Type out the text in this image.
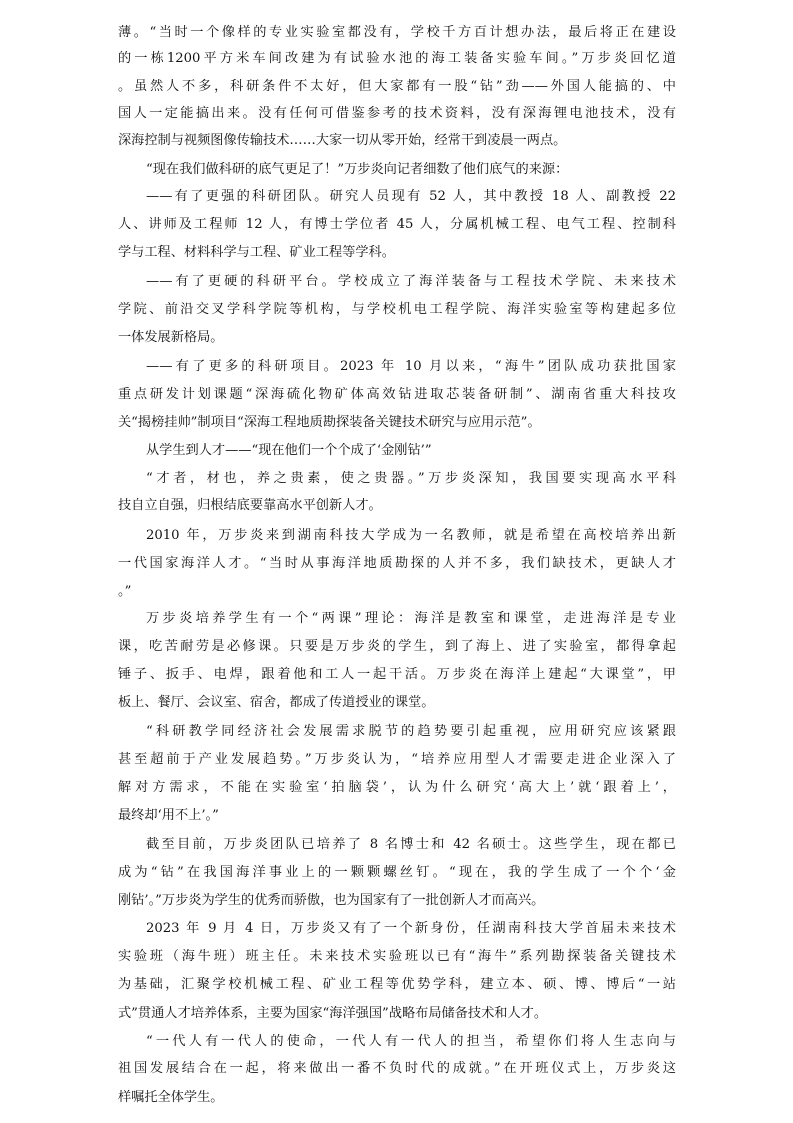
薄。“当时一个像样的专业实验室都没有，学校千方百计想办法，最后将正在建设
的一栋1200平方米车间改建为有试验水池的海工装备实验车间。”万步炎回忆道
。虽然人不多，科研条件不太好，但大家都有一股“钻”劲——外国人能搞的、中
国人一定能搞出来。没有任何可借鉴参考的技术资料，没有深海锂电池技术，没有
深海控制与视频图像传输技术……大家一切从零开始，经常干到凌晨一两点。
“现在我们做科研的底气更足了！”万步炎向记者细数了他们底气的来源：
——有了更强的科研团队。研究人员现有 52 人，其中教授 18 人、副教授 22
人、讲师及工程师 12 人，有博士学位者 45 人，分属机械工程、电气工程、控制科
学与工程、材料科学与工程、矿业工程等学科。
——有了更硬的科研平台。学校成立了海洋装备与工程技术学院、未来技术
学院、前沿交叉学科学院等机构，与学校机电工程学院、海洋实验室等构建起多位
一体发展新格局。
——有了更多的科研项目。2023 年 10 月以来，“海牛”团队成功获批国家
重点研发计划课题“深海硫化物矿体高效钻进取芯装备研制”、湖南省重大科技攻
关“揭榜挂帅”制项目“深海工程地质勘探装备关键技术研究与应用示范”。
从学生到人才——“现在他们一个个成了‘金刚钻’”
“才者，材也，养之贵素，使之贵器。”万步炎深知，我国要实现高水平科
技自立自强，归根结底要靠高水平创新人才。
2010 年，万步炎来到湖南科技大学成为一名教师，就是希望在高校培养出新
一代国家海洋人才。“当时从事海洋地质勘探的人并不多，我们缺技术，更缺人才
。”
万步炎培养学生有一个“两课”理论：海洋是教室和课堂，走进海洋是专业
课，吃苦耐劳是必修课。只要是万步炎的学生，到了海上、进了实验室，都得拿起
锤子、扳手、电焊，跟着他和工人一起干活。万步炎在海洋上建起“大课堂”，甲
板上、餐厅、会议室、宿舍，都成了传道授业的课堂。
“科研教学同经济社会发展需求脱节的趋势要引起重视，应用研究应该紧跟
甚至超前于产业发展趋势。”万步炎认为，“培养应用型人才需要走进企业深入了
解对方需求，不能在实验室‘拍脑袋’，认为什么研究‘高大上’就‘跟着上’，
最终却‘用不上’。”
截至目前，万步炎团队已培养了 8 名博士和 42 名硕士。这些学生，现在都已
成为“钻”在我国海洋事业上的一颗颗螺丝钉。“现在，我的学生成了一个个‘金
刚钻’。”万步炎为学生的优秀而骄傲，也为国家有了一批创新人才而高兴。
2023 年 9 月 4 日，万步炎又有了一个新身份，任湖南科技大学首届未来技术
实验班（海牛班）班主任。未来技术实验班以已有“海牛”系列勘探装备关键技术
为基础，汇聚学校机械工程、矿业工程等优势学科，建立本、硕、博、博后“一站
式”贯通人才培养体系，主要为国家“海洋强国”战略布局储备技术和人才。
“一代人有一代人的使命，一代人有一代人的担当，希望你们将人生志向与
祖国发展结合在一起，将来做出一番不负时代的成就。”在开班仪式上，万步炎这
样嘱托全体学生。
